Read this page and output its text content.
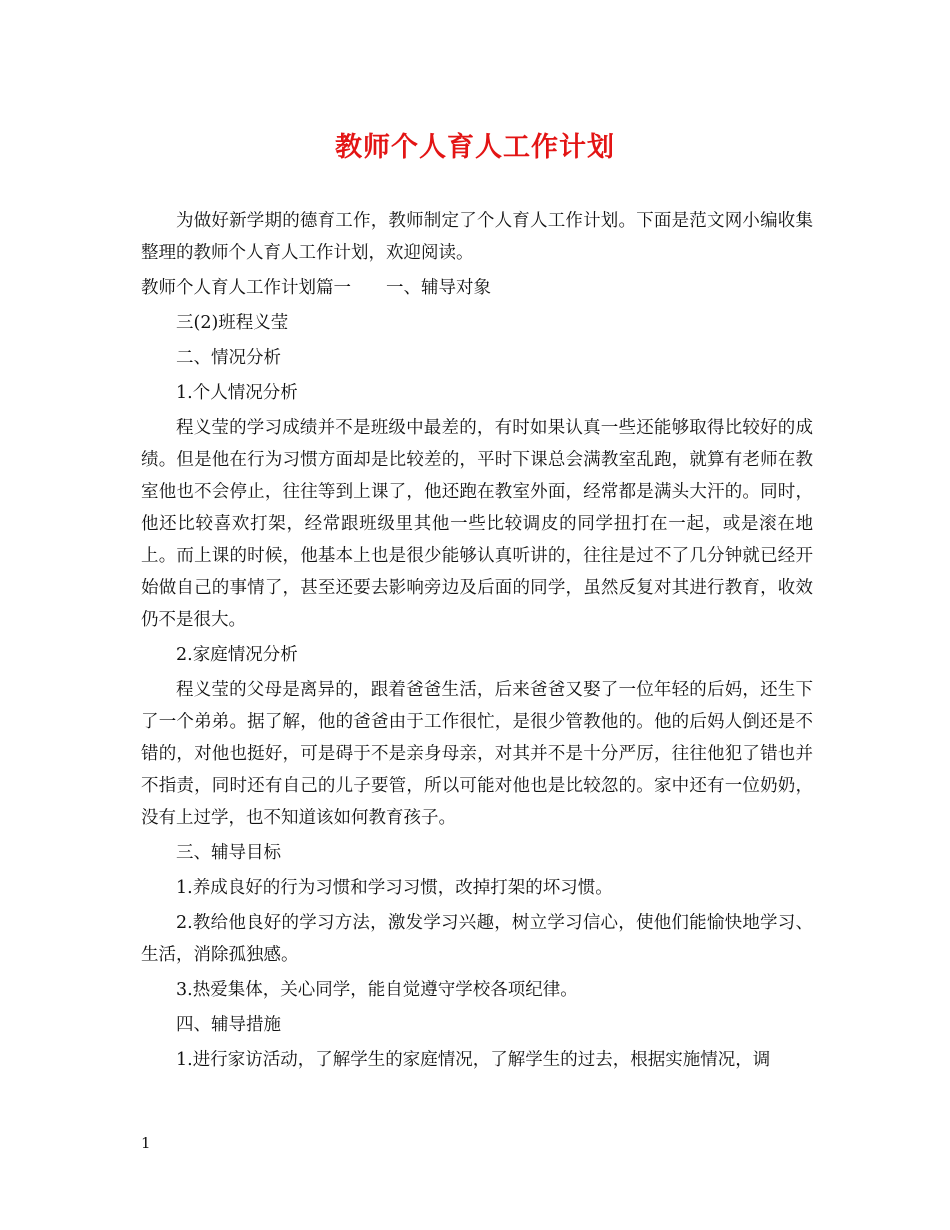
教师个人育人工作计划

为做好新学期的德育工作，教师制定了个人育人工作计划。下面是范文网小编收集整理的教师个人育人工作计划，欢迎阅读。

教师个人育人工作计划篇一　　一、辅导对象

三(2)班程义莹

二、情况分析

1.个人情况分析

程义莹的学习成绩并不是班级中最差的，有时如果认真一些还能够取得比较好的成绩。但是他在行为习惯方面却是比较差的，平时下课总会满教室乱跑，就算有老师在教室他也不会停止，往往等到上课了，他还跑在教室外面，经常都是满头大汗的。同时，他还比较喜欢打架，经常跟班级里其他一些比较调皮的同学扭打在一起，或是滚在地上。而上课的时候，他基本上也是很少能够认真听讲的，往往是过不了几分钟就已经开始做自己的事情了，甚至还要去影响旁边及后面的同学，虽然反复对其进行教育，收效仍不是很大。

2.家庭情况分析

程义莹的父母是离异的，跟着爸爸生活，后来爸爸又娶了一位年轻的后妈，还生下了一个弟弟。据了解，他的爸爸由于工作很忙，是很少管教他的。他的后妈人倒还是不错的，对他也挺好，可是碍于不是亲身母亲，对其并不是十分严厉，往往他犯了错也并不指责，同时还有自己的儿子要管，所以可能对他也是比较忽的。家中还有一位奶奶，没有上过学，也不知道该如何教育孩子。

三、辅导目标

1.养成良好的行为习惯和学习习惯，改掉打架的坏习惯。

2.教给他良好的学习方法，激发学习兴趣，树立学习信心，使他们能愉快地学习、生活，消除孤独感。

3.热爱集体，关心同学，能自觉遵守学校各项纪律。

四、辅导措施

1.进行家访活动，了解学生的家庭情况，了解学生的过去，根据实施情况，调

1
